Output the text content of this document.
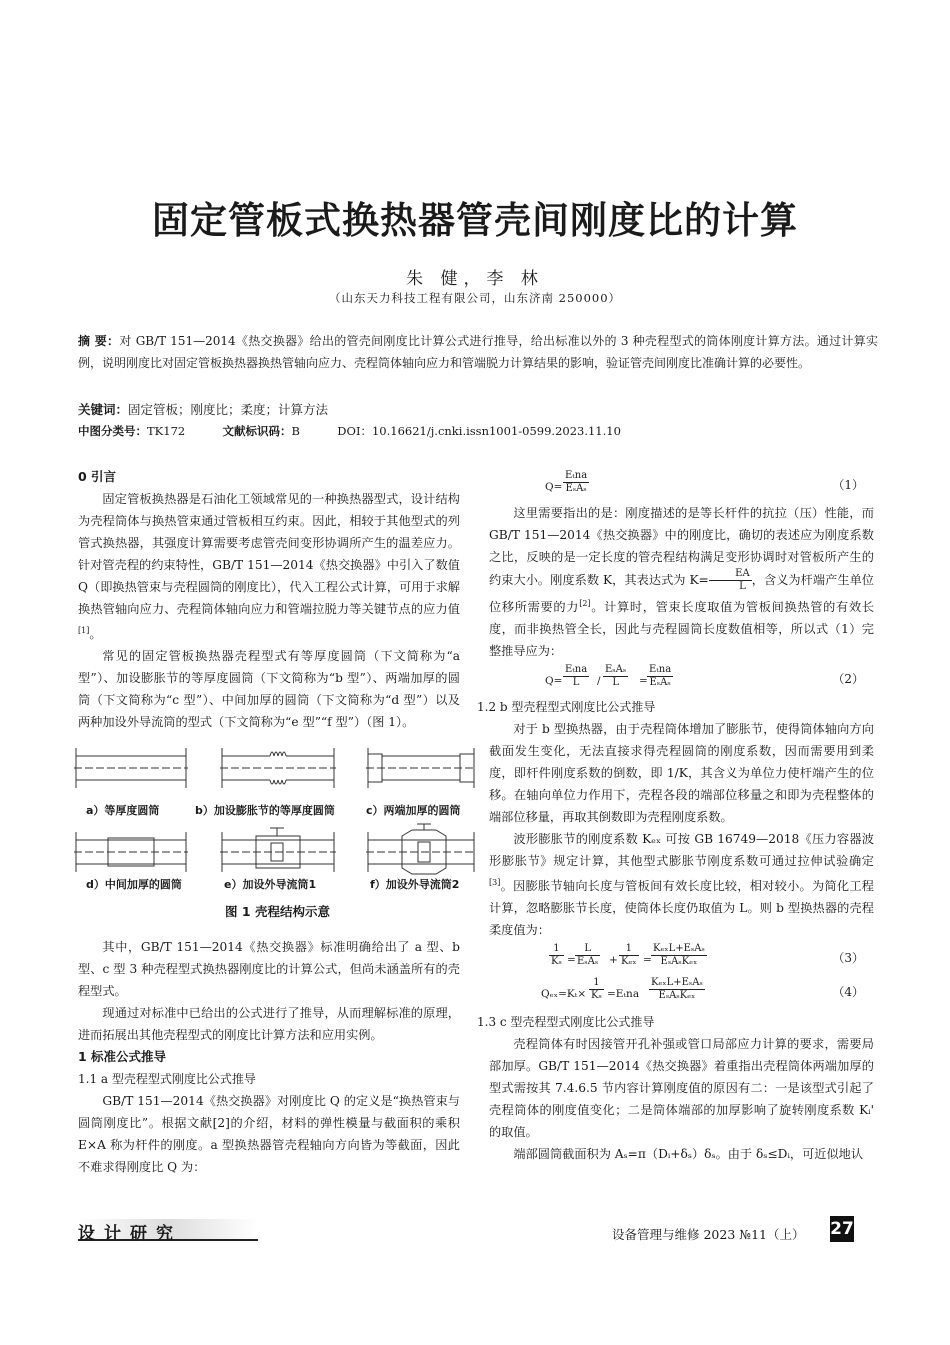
固定管板式换热器管壳间刚度比的计算
朱 健，李 林
（山东天力科技工程有限公司，山东济南 250000）
摘 要：对 GB/T 151—2014《热交换器》给出的管壳间刚度比计算公式进行推导，给出标准以外的 3 种壳程型式的筒体刚度计算方法。通过计算实例，说明刚度比对固定管板换热器换热管轴向应力、壳程筒体轴向应力和管端脱力计算结果的影响，验证管壳间刚度比准确计算的必要性。
关键词：固定管板；刚度比；柔度；计算方法
中图分类号：TK172	文献标识码：B	DOI：10.16621/j.cnki.issn1001-0599.2023.11.10
0 引言

固定管板换热器是石油化工领域常见的一种换热器型式，设计结构为壳程筒体与换热管束通过管板相互约束。因此，相较于其他型式的列管式换热器，其强度计算需要考虑管壳间变形协调所产生的温差应力。针对管壳程的约束特性，GB/T 151—2014《热交换器》中引入了数值 Q（即换热管束与壳程圆筒的刚度比），代入工程公式计算，可用于求解换热管轴向应力、壳程筒体轴向应力和管端拉脱力等关键节点的应力值[1]。

常见的固定管板换热器壳程型式有等厚度圆筒（下文简称为“a 型”）、加设膨胀节的等厚度圆筒（下文简称为“b 型”）、两端加厚的圆筒（下文简称为“c 型”）、中间加厚的圆筒（下文简称为“d 型”）以及两种加设外导流筒的型式（下文简称为“e 型”“f 型”）（图 1）。

a）等厚度圆筒	b）加设膨胀节的等厚度圆筒	c）两端加厚的圆筒
d）中间加厚的圆筒	e）加设外导流筒1	f）加设外导流筒2
图 1 壳程结构示意

其中，GB/T 151—2014《热交换器》标准明确给出了 a 型、b 型、c 型 3 种壳程型式换热器刚度比的计算公式，但尚未涵盖所有的壳程型式。

现通过对标准中已给出的公式进行了推导，从而理解标准的原理，进而拓展出其他壳程型式的刚度比计算方法和应用实例。

1 标准公式推导
1.1 a 型壳程型式刚度比公式推导

GB/T 151—2014《热交换器》对刚度比 Q 的定义是“换热管束与圆筒刚度比”。根据文献[2]的介绍，材料的弹性模量与截面积的乘积 E×A 称为杆件的刚度。a 型换热器管壳程轴向方向皆为等截面，因此不难求得刚度比 Q 为：

Q=
Eₜna
EₛAₛ	（1）

这里需要指出的是：刚度描述的是等长杆件的抗拉（压）性能，而 GB/T 151—2014《热交换器》中的刚度比，确切的表述应为刚度系数之比，反映的是一定长度的管壳程结构满足变形协调时对管板所产生的约束大小。刚度系数 K，其表达式为 $K= \frac{EA}{L}$ ，含义为杆端产生单位位移所需要的力[2]。计算时，管束长度取值为管板间换热管的有效长度，而非换热管全长，因此与壳程圆筒长度数值相等，所以式（1）完整推导应为：

Q=
Eₜna
L	/
EₛAₛ
L	=
Eₜna
EₛAₛ	（2）
1.2 b 型壳程型式刚度比公式推导

对于 b 型换热器，由于壳程筒体增加了膨胀节，使得筒体轴向方向截面发生变化，无法直接求得壳程圆筒的刚度系数，因而需要用到柔度，即杆件刚度系数的倒数，即 1/K，其含义为单位力使杆端产生的位移。在轴向单位力作用下，壳程各段的端部位移量之和即为壳程整体的端部位移量，再取其倒数即为壳程刚度系数。

波形膨胀节的刚度系数 Kₑₓ 可按 GB 16749—2018《压力容器波形膨胀节》规定计算，其他型式膨胀节刚度系数可通过拉伸试验确定[3]。因膨胀节轴向长度与管板间有效长度比较，相对较小。为简化工程计算，忽略膨胀节长度，使筒体长度仍取值为 L。则 b 型换热器的壳程柔度值为：

$\frac{1}{\text{Kₛ}}$ =
L
EₛAₛ +
1
Kₑₓ =
KₑₓL+EₛAₛ
EₛAₛKₑₓ	（3）
$Q_{ex}=K_t\times \frac{1}{\text{Kₛ}} =E_tna$
KₑₓL+EₛAₛ
EₛAₛKₑₓ	（4）
1.3 c 型壳程型式刚度比公式推导

壳程筒体有时因接管开孔补强或管口局部应力计算的要求，需要局部加厚。GB/T 151—2014《热交换器》着重指出壳程筒体两端加厚的型式需按其 7.4.6.5 节内容计算刚度值的原因有二：一是该型式引起了壳程筒体的刚度值变化；二是筒体端部的加厚影响了旋转刚度系数 Kᵢ' 的取值。

端部圆筒截面积为 Aₛ=π（Dᵢ+δₛ）δₛ。由于 δₛ≤Dᵢ，可近似地认

设计研究	设备管理与维修 2023 №11（上） 27
